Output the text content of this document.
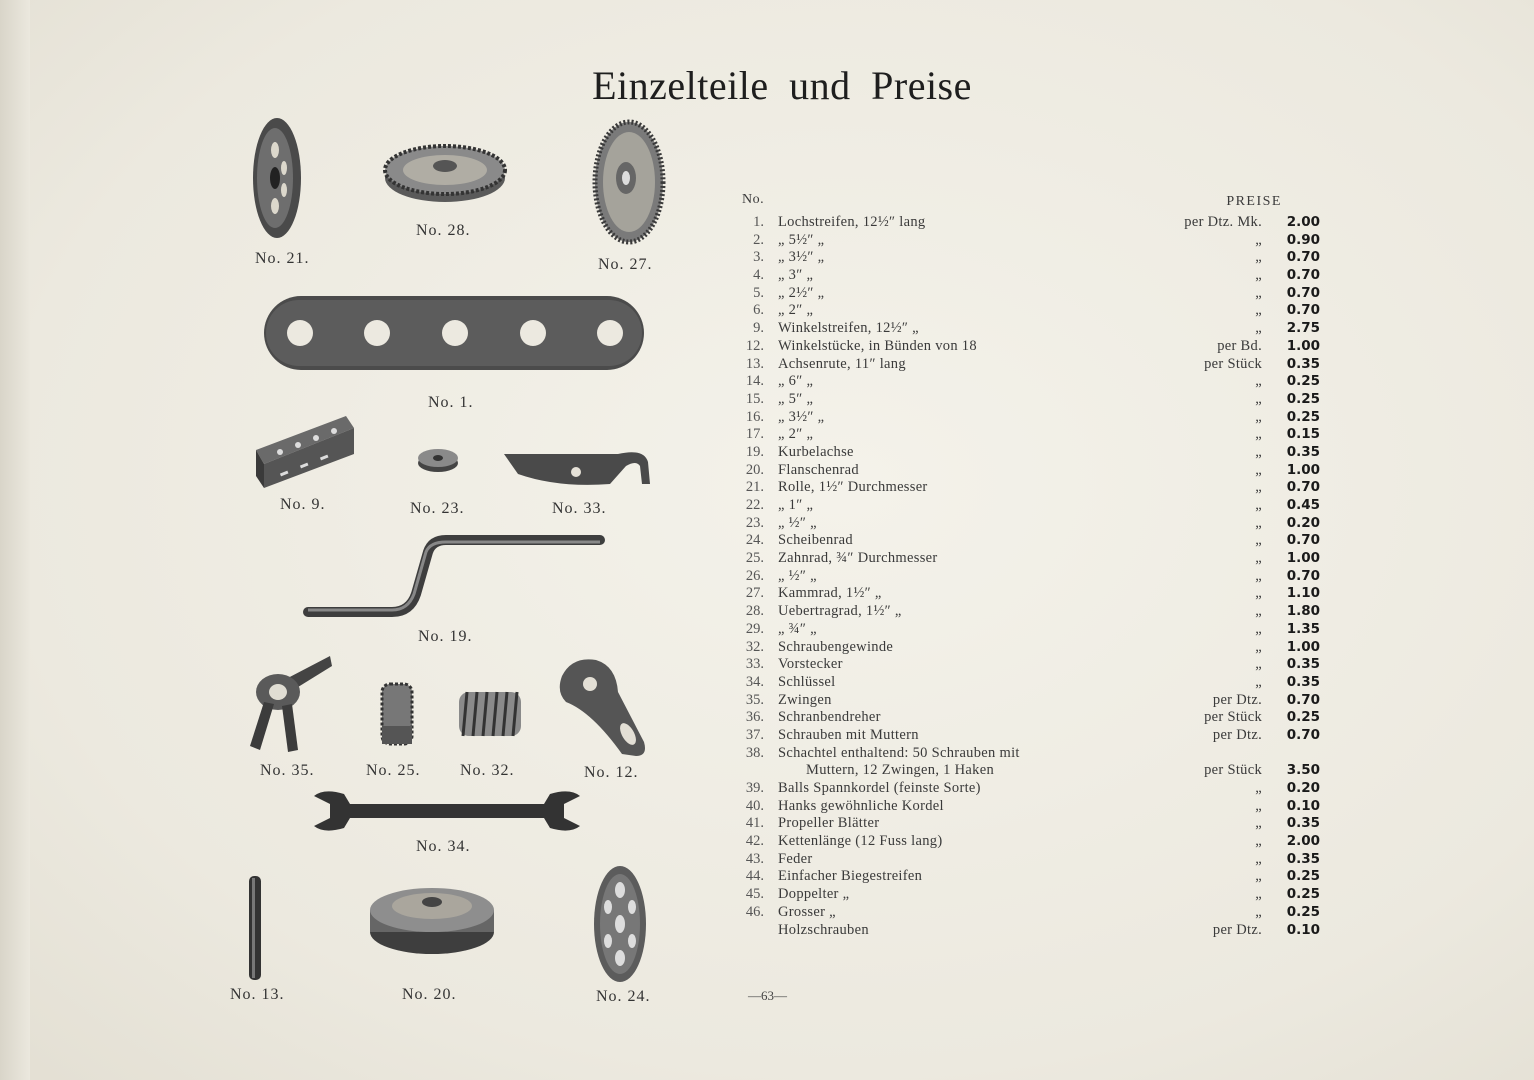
Einzelteile und Preise
No. 21.
No. 28.
No. 27.
No. 1.
No. 9.	No. 23.	No. 33.
No. 19.
No. 35.	No. 25. No. 32.	No. 12.
No. 34.
No. 13.	No. 20.	No. 24.
No.	PREISE
1. Lochstreifen, 12½″ lang	per Dtz. Mk.	2.00
2. „ 5½″ „	„	0.90
3. „ 3½″ „	„	0.70
4. „ 3″ „	„	0.70
5. „ 2½″ „	„	0.70
6. „ 2″ „	„	0.70
9. Winkelstreifen, 12½″ „	„	2.75
12. Winkelstücke, in Bünden von 18	per Bd.	1.00
13. Achsenrute, 11″ lang	per Stück	0.35
14. „ 6″ „	„	0.25
15. „ 5″ „	„	0.25
16. „ 3½″ „	„	0.25
17. „ 2″ „	„	0.15
19. Kurbelachse	„	0.35
20. Flanschenrad	„	1.00
21. Rolle, 1½″ Durchmesser	„	0.70
22. „ 1″ „	„	0.45
23. „ ½″ „	„	0.20
24. Scheibenrad	„	0.70
25. Zahnrad, ¾″ Durchmesser	„	1.00
26. „ ½″ „	„	0.70
27. Kammrad, 1½″ „	„	1.10
28. Uebertragrad, 1½″ „	„	1.80
29. „ ¾″ „	„	1.35
32. Schraubengewinde	„	1.00
33. Vorstecker	„	0.35
34. Schlüssel	„	0.35
35. Zwingen	per Dtz.	0.70
36. Schranbendreher	per Stück	0.25
37. Schrauben mit Muttern	per Dtz.	0.70
38. Schachtel enthaltend: 50 Schrauben mit
Muttern, 12 Zwingen, 1 Haken	per Stück	3.50
39. Balls Spannkordel (feinste Sorte)	„	0.20
40. Hanks gewöhnliche Kordel	„	0.10
41. Propeller Blätter	„	0.35
42. Kettenlänge (12 Fuss lang)	„	2.00
43. Feder	„	0.35
44. Einfacher Biegestreifen	„	0.25
45. Doppelter „	„	0.25
46. Grosser „	„	0.25
Holzschrauben	per Dtz.	0.10
—63—
